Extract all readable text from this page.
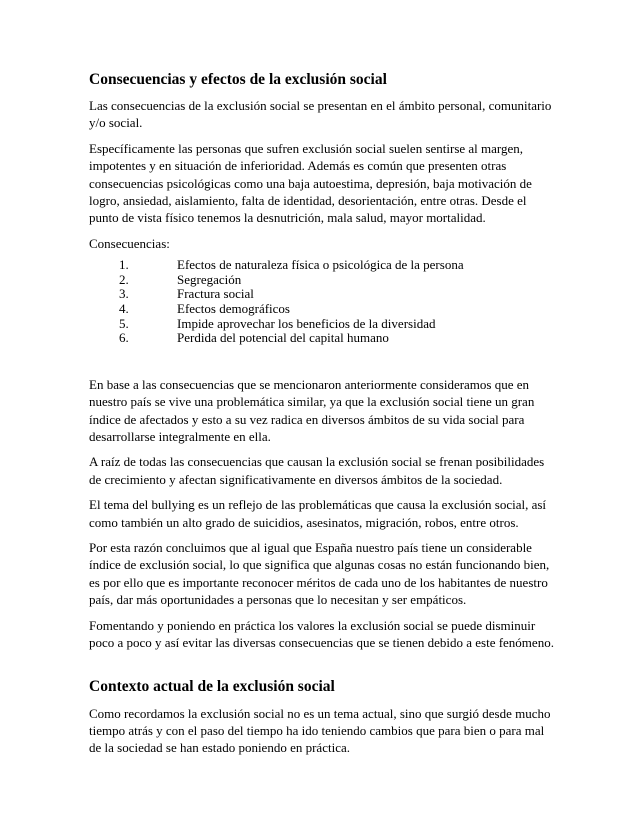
Consecuencias y efectos de la exclusión social

Las consecuencias de la exclusión social se presentan en el ámbito personal, comunitario y/o social.

Específicamente las personas que sufren exclusión social suelen sentirse al margen, impotentes y en situación de inferioridad. Además es común que presenten otras consecuencias psicológicas como una baja autoestima, depresión, baja motivación de logro, ansiedad, aislamiento, falta de identidad, desorientación, entre otras. Desde el punto de vista físico tenemos la desnutrición, mala salud, mayor mortalidad.

Consecuencias:

1.	Efectos de naturaleza física o psicológica de la persona
2.	Segregación
3.	Fractura social
4.	Efectos demográficos
5.	Impide aprovechar los beneficios de la diversidad
6.	Perdida del potencial del capital humano

En base a las consecuencias que se mencionaron anteriormente consideramos que en nuestro país se vive una problemática similar, ya que la exclusión social tiene un gran índice de afectados y esto a su vez radica en diversos ámbitos de su vida social para desarrollarse integralmente en ella.

A raíz de todas las consecuencias que causan la exclusión social se frenan posibilidades de crecimiento y afectan significativamente en diversos ámbitos de la sociedad.

El tema del bullying es un reflejo de las problemáticas que causa la exclusión social, así como también un alto grado de suicidios, asesinatos, migración, robos, entre otros.

Por esta razón concluimos que al igual que España nuestro país tiene un considerable índice de exclusión social, lo que significa que algunas cosas no están funcionando bien, es por ello que es importante reconocer méritos de cada uno de los habitantes de nuestro país, dar más oportunidades a personas que lo necesitan y ser empáticos.

Fomentando y poniendo en práctica los valores la exclusión social se puede disminuir poco a poco y así evitar las diversas consecuencias que se tienen debido a este fenómeno.

Contexto actual de la exclusión social

Como recordamos la exclusión social no es un tema actual, sino que surgió desde mucho tiempo atrás y con el paso del tiempo ha ido teniendo cambios que para bien o para mal de la sociedad se han estado poniendo en práctica.
